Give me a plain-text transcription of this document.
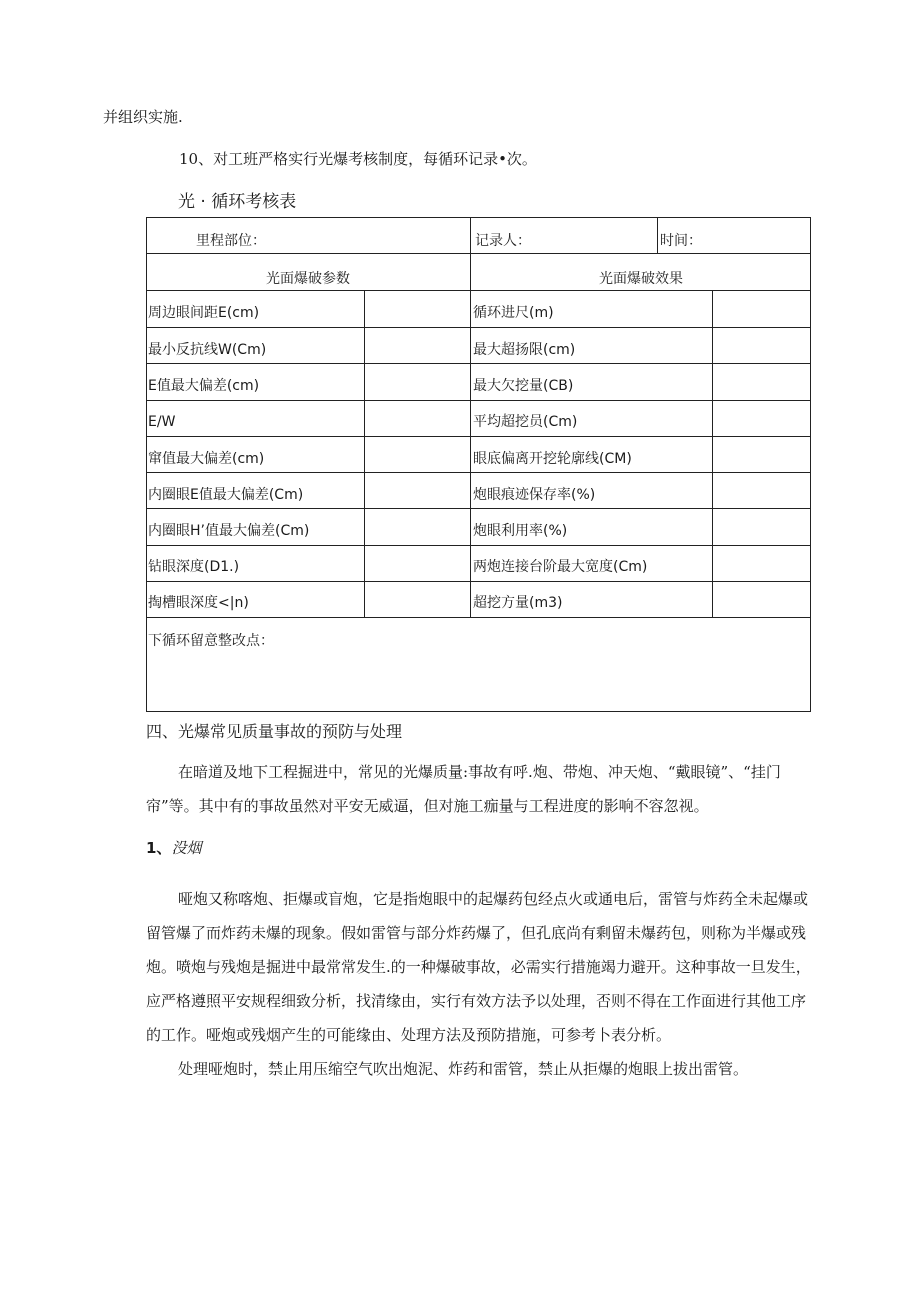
并组织实施.
10、对工班严格实行光爆考核制度，每循环记录•次。
光 · 循环考核表
里程部位：	记录人：	时间：
光面爆破参数	光面爆破效果
周边眼间距E(cm)	循环进尺(m)
最小反抗线W(Cm)	最大超扬限(cm)
E值最大偏差(cm)	最大欠挖量(CB)
E/W	平均超挖员(Cm)
窜值最大偏差(cm)	眼底偏离开挖轮廓线(CM)
内圈眼E值最大偏差(Cm)	炮眼痕迹保存率(%)
内圈眼H’值最大偏差(Cm)	炮眼利用率(%)
钻眼深度(D1.)	两炮连接台阶最大宽度(Cm)
掏槽眼深度<|n)	超挖方量(m3)
下循环留意整改点：
四、光爆常见质量事故的预防与处理
在暗道及地下工程掘进中，常见的光爆质量:事故有呼.炮、带炮、冲天炮、“戴眼镜”、“挂门
帘”等。其中有的事故虽然对平安无威逼，但对施工痂量与工程进度的影响不容忽视。
1、没烟
哑炮又称喀炮、拒爆或盲炮，它是指炮眼中的起爆药包经点火或通电后，雷管与炸药全未起爆或
留管爆了而炸药未爆的现象。假如雷管与部分炸药爆了，但孔底尚有剩留未爆药包，则称为半爆或残
炮。喷炮与残炮是掘进中最常常发生.的一种爆破事故，必需实行措施竭力避开。这种事故一旦发生，
应严格遵照平安规程细致分析，找清缘由，实行有效方法予以处理，否则不得在工作面进行其他工序
的工作。哑炮或残烟产生的可能缘由、处理方法及预防措施，可参考卜表分析。
处理哑炮时，禁止用压缩空气吹出炮泥、炸药和雷管，禁止从拒爆的炮眼上拔出雷管。
